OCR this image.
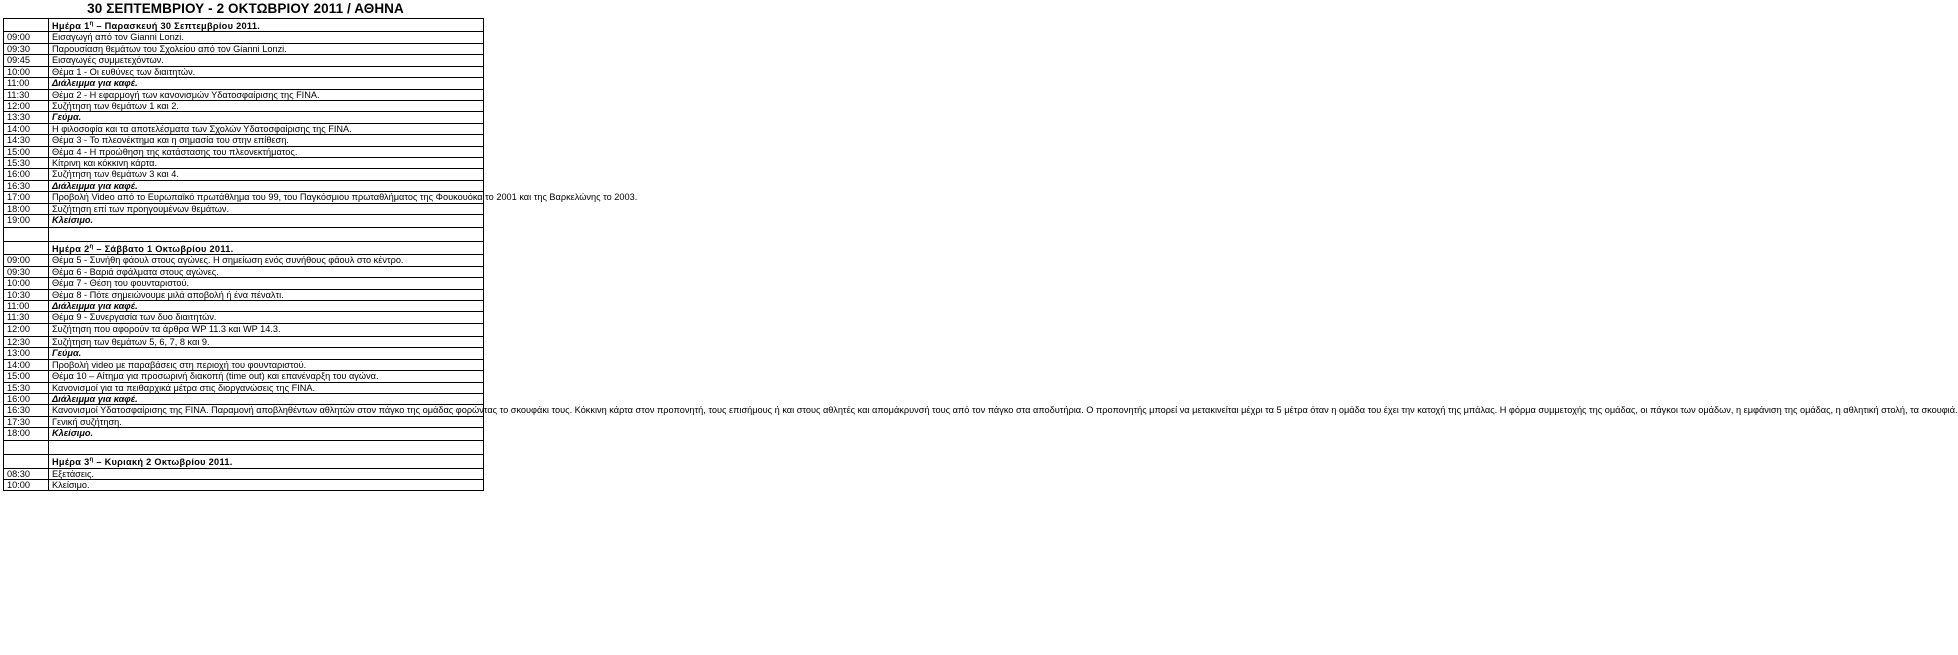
30 ΣΕΠΤΕΜΒΡΙΟΥ - 2 ΟΚΤΩΒΡΙΟΥ 2011 / ΑΘΗΝΑ
	Ημέρα $1^\eta$ – Παρασκευή 30 Σεπτεμβρίου 2011.
09:00	Εισαγωγή από τον Gianni Lonzi.
09:30	Παρουσίαση θεμάτων του Σχολείου από τον Gianni Lonzi.
09:45	Εισαγωγές συμμετεχόντων.
10:00	Θέμα 1 - Οι ευθύνες των διαιτητών.
11:00	Διάλειμμα για καφέ.
11:30	Θέμα 2 - Η εφαρμογή των κανονισμών Υδατοσφαίρισης της FINA.
12:00	Συζήτηση των θεμάτων 1 και 2.
13:30	Γεύμα.
14:00	Η φιλοσοφία και τα αποτελέσματα των Σχολών Υδατοσφαίρισης της FINA.
14:30	Θέμα 3 - Το πλεονέκτημα και η σημασία του στην επίθεση.
15:00	Θέμα 4 - Η προώθηση της κατάστασης του πλεονεκτήματος.
15:30	Κίτρινη και κόκκινη κάρτα.
16:00	Συζήτηση των θεμάτων 3 και 4.
16:30	Διάλειμμα για καφέ.
17:00	Προβολή Video από το Ευρωπαϊκό πρωτάθλημα του 99, του Παγκόσμιου πρωταθλήματος της Φουκουόκα το 2001 και της Βαρκελώνης το 2003.
18:00	Συζήτηση επί των προηγουμένων θεμάτων.
19:00	Κλείσιμο.

	Ημέρα $2^\eta$ – Σάββατο 1 Οκτωβρίου 2011.
09:00	Θέμα 5 - Συνήθη φάουλ στους αγώνες. Η σημείωση ενός συνήθους φάουλ στο κέντρο.
09:30	Θέμα 6 - Βαριά σφάλματα στους αγώνες.
10:00	Θέμα 7 - Θέση του φουνταριστού.
10:30	Θέμα 8 - Πότε σημειώνουμε μιλά αποβολή ή ένα πέναλτι.
11:00	Διάλειμμα για καφέ.
11:30	Θέμα 9 - Συνεργασία των δυο διαιτητών.
12:00	Συζήτηση που αφορούν τα άρθρα WP 11.3 και WP 14.3.
12:30	Συζήτηση των θεμάτων 5, 6, 7, 8 και 9.
13:00	Γεύμα.
14:00	Προβολή video με παραβάσεις στη περιοχή του φουνταριστού.
15:00	Θέμα 10 – Αίτημα για προσωρινή διακοπή (time out) και επανέναρξη του αγώνα.
15:30	Κανονισμοί για τα πειθαρχικά μέτρα στις διοργανώσεις της FINA.
16:00	Διάλειμμα για καφέ.
16:30	Κανονισμοί Υδατοσφαίρισης της FINA. Παραμονή αποβληθέντων αθλητών στον πάγκο της ομάδας φορώντας το σκουφάκι τους. Κόκκινη κάρτα στον προπονητή, τους επισήμους ή και στους αθλητές και απομάκρυνσή τους από τον πάγκο στα αποδυτήρια. Ο προπονητής μπορεί να μετακινείται μέχρι τα 5 μέτρα όταν η ομάδα του έχει την κατοχή της μπάλας. Η φόρμα συμμετοχής της ομάδας, οι πάγκοι των ομάδων, η εμφάνιση της ομάδας, η αθλητική στολή, τα σκουφιά.
17:30	Γενική συζήτηση.
18:00	Κλείσιμο.

	Ημέρα $3^\eta$ – Κυριακή 2 Οκτωβρίου 2011.
08:30	Εξετάσεις.
10:00	Κλείσιμο.
